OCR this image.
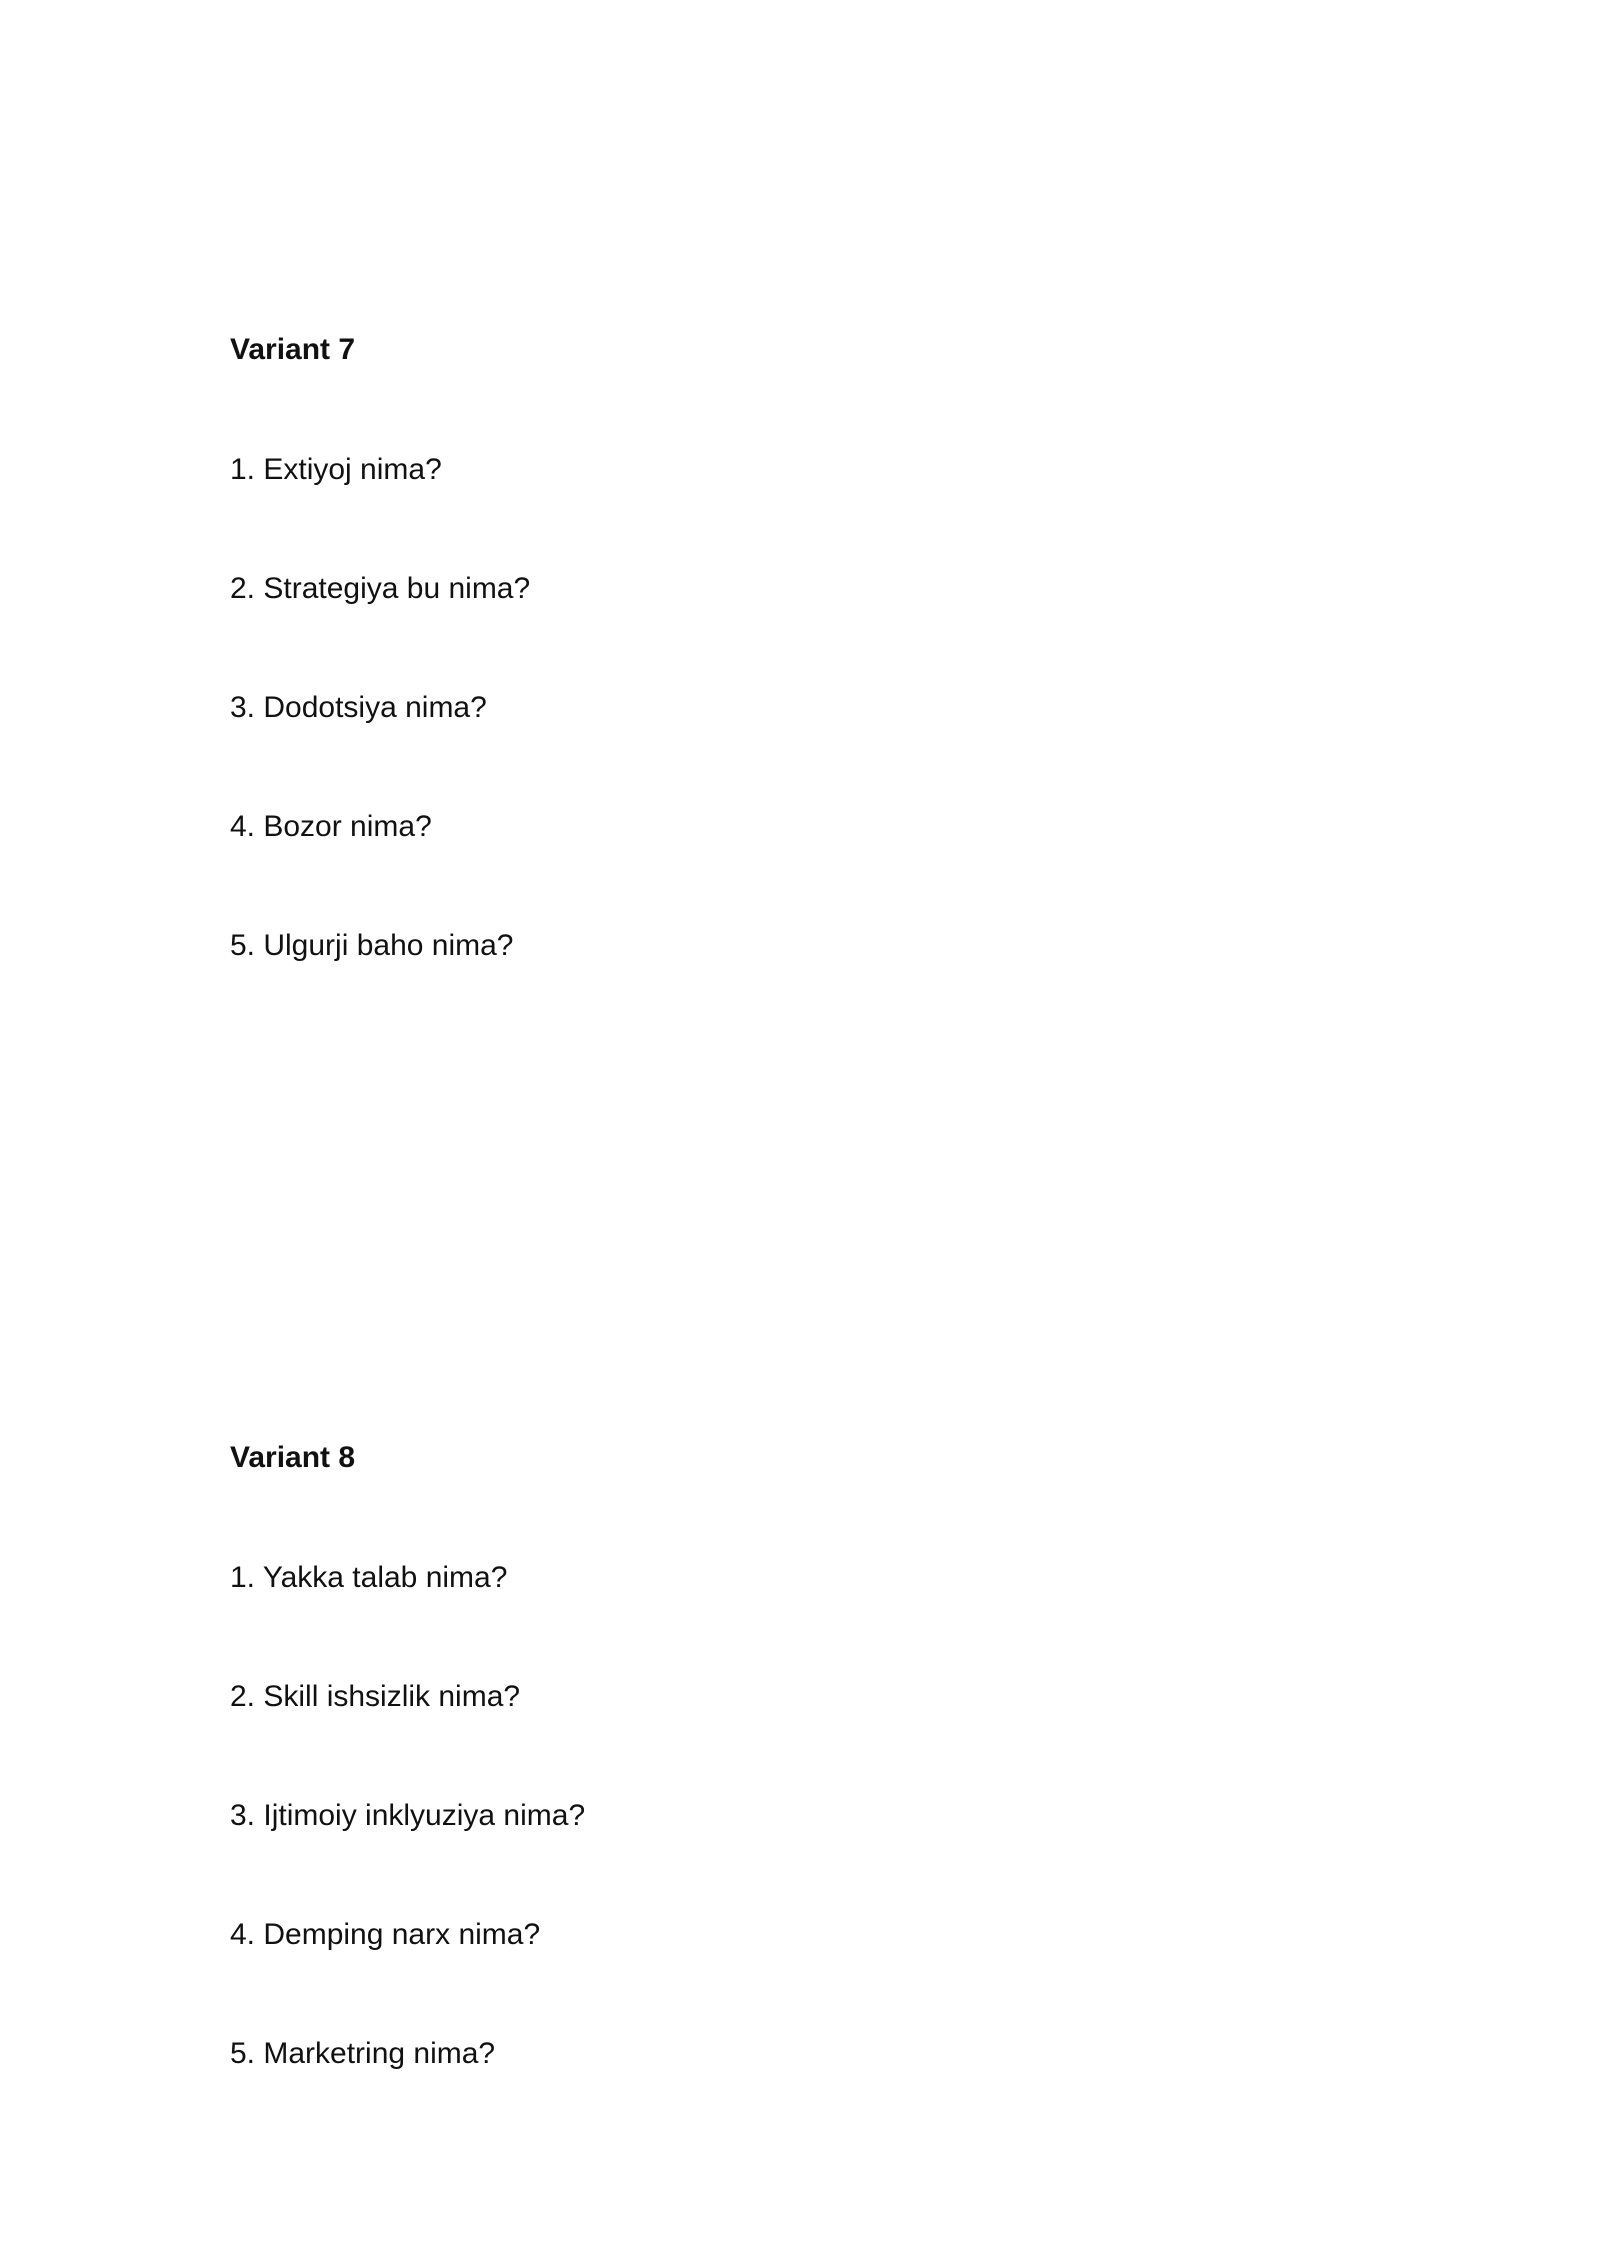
Variant 7
1. Extiyoj nima?
2. Strategiya bu nima?
3. Dodotsiya nima?
4. Bozor nima?
5. Ulgurji baho nima?
Variant 8
1. Yakka talab nima?
2. Skill ishsizlik nima?
3. Ijtimoiy inklyuziya nima?
4. Demping narx nima?
5. Marketring nima?
